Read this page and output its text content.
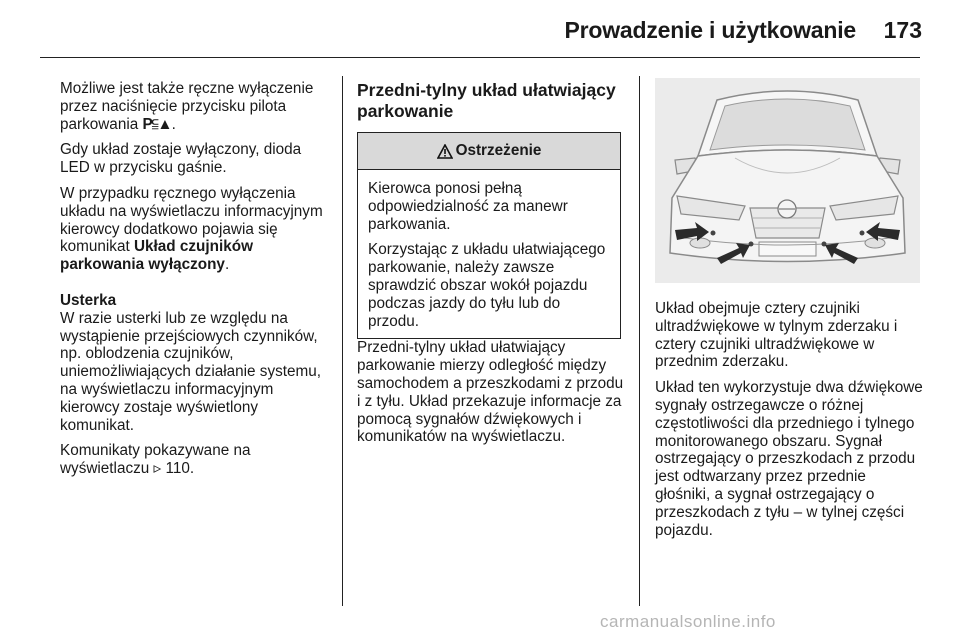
Prowadzenie i użytkowanie 173

Możliwe jest także ręczne wyłączenie przez naciśnięcie przycisku pilota parkowania P⫅▲.

Gdy układ zostaje wyłączony, dioda LED w przycisku gaśnie.

W przypadku ręcznego wyłączenia układu na wyświetlaczu informacyjnym kierowcy dodatkowo pojawia się komunikat Układ czujników parkowania wyłączony.

Usterka

W razie usterki lub ze względu na wystąpienie przejściowych czynników, np. oblodzenia czujników, uniemożliwiających działanie systemu, na wyświetlaczu informacyjnym kierowcy zostaje wyświetlony komunikat.

Komunikaty pokazywane na wyświetlaczu ▹ 110.

Przedni-tylny układ ułatwiający parkowanie
Ostrzeżenie

Kierowca ponosi pełną odpowiedzialność za manewr parkowania.

Korzystając z układu ułatwiającego parkowanie, należy zawsze sprawdzić obszar wokół pojazdu podczas jazdy do tyłu lub do przodu.

Przedni-tylny układ ułatwiający parkowanie mierzy odległość między samochodem a przeszkodami z przodu i z tyłu. Układ przekazuje informacje za pomocą sygnałów dźwiękowych i komunikatów na wyświetlaczu.

Układ obejmuje cztery czujniki ultradźwiękowe w tylnym zderzaku i cztery czujniki ultradźwiękowe w przednim zderzaku.

Układ ten wykorzystuje dwa dźwiękowe sygnały ostrzegawcze o różnej częstotliwości dla przedniego i tylnego monitorowanego obszaru. Sygnał ostrzegający o przeszkodach z przodu jest odtwarzany przez przednie głośniki, a sygnał ostrzegający o przeszkodach z tyłu – w tylnej części pojazdu.

carmanualsonline.info
